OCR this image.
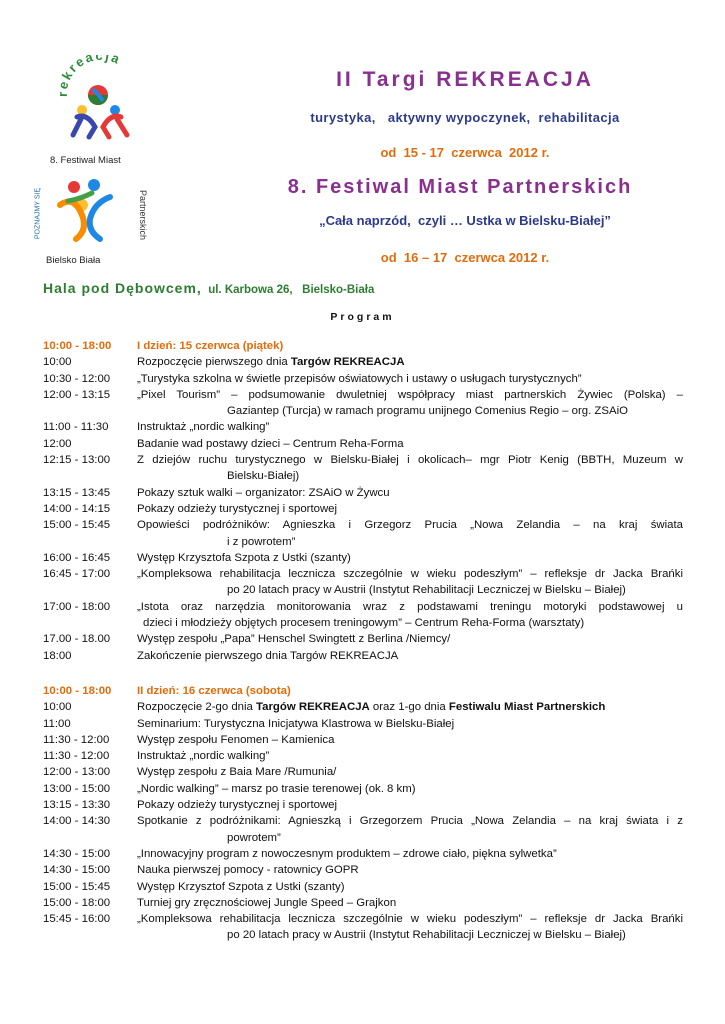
rekreacja
8. Festiwal Miast
POZNAJMY SIĘ	Partnerskich
Bielsko Biała
II Targi REKREACJA
turystyka,   aktywny wypoczynek,  rehabilitacja
od  15 - 17  czerwca  2012 r.
8. Festiwal Miast Partnerskich
„Cała naprzód,  czyli … Ustka w Bielsku-Białej”
od  16 – 17  czerwca 2012 r.
Hala pod Dębowcem,  ul. Karbowa 26,   Bielsko-Biała
Program
10:00 - 18:00	I dzień: 15 czerwca (piątek)
10:00	Rozpoczęcie pierwszego dnia Targów REKREACJA
10:30 - 12:00	„Turystyka szkolna w świetle przepisów oświatowych i ustawy o usługach turystycznych”
12:00 - 13:15	„Pixel Tourism” – podsumowanie dwuletniej współpracy miast partnerskich Żywiec (Polska) –
Gaziantep (Turcja) w ramach programu unijnego Comenius Regio – org. ZSAiO
11:00 - 11:30	Instruktaż „nordic walking”
12:00	Badanie wad postawy dzieci – Centrum Reha-Forma
12:15 - 13:00	Z dziejów ruchu turystycznego w Bielsku-Białej i okolicach– mgr Piotr Kenig (BBTH, Muzeum w
Bielsku-Białej)
13:15 - 13:45	Pokazy sztuk walki – organizator: ZSAiO w Żywcu
14:00 - 14:15	Pokazy odzieży turystycznej i sportowej
15:00 - 15:45	Opowieści podróżników: Agnieszka i Grzegorz Prucia „Nowa Zelandia – na kraj świata
i z powrotem”
16:00 - 16:45	Występ Krzysztofa Szpota z Ustki (szanty)
16:45 - 17:00	„Kompleksowa rehabilitacja lecznicza szczególnie w wieku podeszłym” – refleksje dr Jacka Brańki
po 20 latach pracy w Austrii (Instytut Rehabilitacji Leczniczej w Bielsku – Białej)
17:00 - 18:00	„Istota oraz narzędzia monitorowania wraz z podstawami treningu motoryki podstawowej u
dzieci i młodzieży objętych procesem treningowym” – Centrum Reha-Forma (warsztaty)
17.00 - 18.00	Występ zespołu „Papa” Henschel Swingtett z Berlina /Niemcy/
18:00	Zakończenie pierwszego dnia Targów REKREACJA
10:00 - 18:00	II dzień: 16 czerwca (sobota)
10:00	Rozpoczęcie 2-go dnia Targów REKREACJA oraz 1-go dnia Festiwalu Miast Partnerskich
11:00	Seminarium: Turystyczna Inicjatywa Klastrowa w Bielsku-Białej
11:30 - 12:00	Występ zespołu Fenomen – Kamienica
11:30 - 12:00	Instruktaż „nordic walking”
12:00 - 13:00	Występ zespołu z Baia Mare /Rumunia/
13:00 - 15:00	„Nordic walking” – marsz po trasie terenowej (ok. 8 km)
13:15 - 13:30	Pokazy odzieży turystycznej i sportowej
14:00 - 14:30	Spotkanie z podróżnikami: Agnieszką i Grzegorzem Prucia „Nowa Zelandia – na kraj świata i z
powrotem”
14:30 - 15:00	„Innowacyjny program z nowoczesnym produktem – zdrowe ciało, piękna sylwetka”
14:30 - 15:00	Nauka pierwszej pomocy - ratownicy GOPR
15:00 - 15:45	Występ Krzysztof Szpota z Ustki (szanty)
15:00 - 18:00	Turniej gry zręcznościowej Jungle Speed – Grajkon
15:45 - 16:00	„Kompleksowa rehabilitacja lecznicza szczególnie w wieku podeszłym” – refleksje dr Jacka Brańki
po 20 latach pracy w Austrii (Instytut Rehabilitacji Leczniczej w Bielsku – Białej)
